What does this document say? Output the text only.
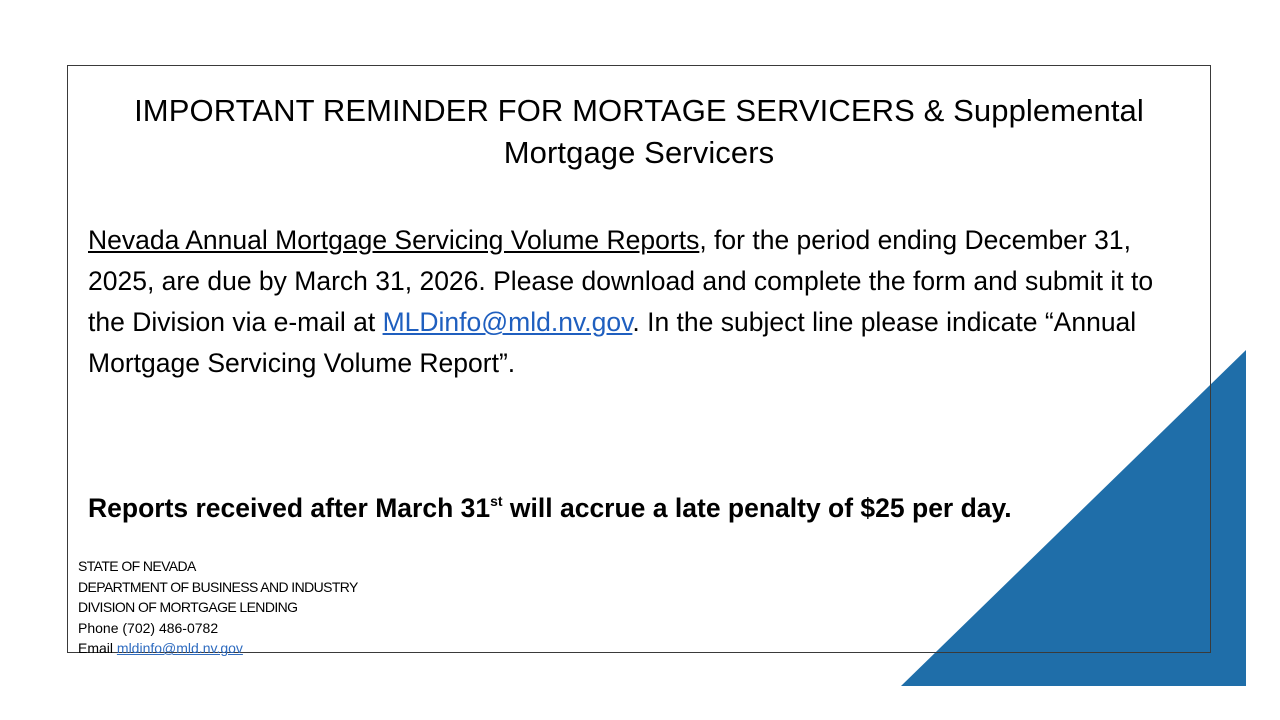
IMPORTANT REMINDER FOR MORTAGE SERVICERS & Supplemental Mortgage Servicers
Nevada Annual Mortgage Servicing Volume Reports, for the period ending December 31, 2025, are due by March 31, 2026. Please download and complete the form and submit it to the Division via e-mail at MLDinfo@mld.nv.gov. In the subject line please indicate “Annual Mortgage Servicing Volume Report”.
Reports received after March 31st will accrue a late penalty of $25 per day.
STATE OF NEVADA
DEPARTMENT OF BUSINESS AND INDUSTRY
DIVISION OF MORTGAGE LENDING
Phone (702) 486-0782
Email mldinfo@mld.nv.gov
